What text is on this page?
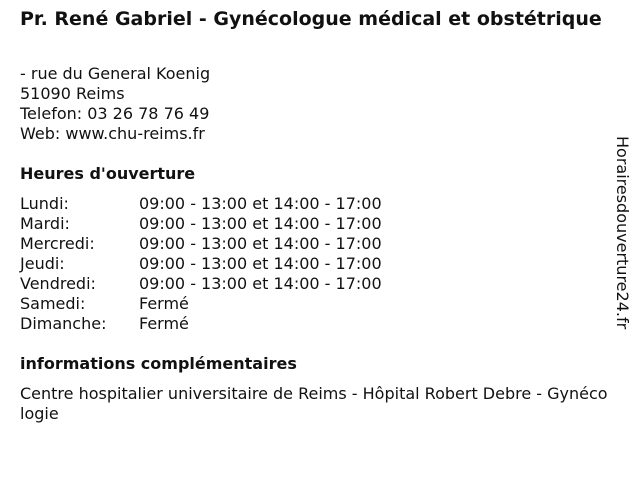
Pr. René Gabriel - Gynécologue médical et obstétrique
- rue du General Koenig
51090 Reims
Telefon: 03 26 78 76 49
Web: www.chu-reims.fr
Heures d'ouverture
Lundi:	09:00 - 13:00 et 14:00 - 17:00
Mardi:	09:00 - 13:00 et 14:00 - 17:00
Mercredi:	09:00 - 13:00 et 14:00 - 17:00
Jeudi:	09:00 - 13:00 et 14:00 - 17:00
Vendredi:	09:00 - 13:00 et 14:00 - 17:00
Samedi:	Fermé
Dimanche:	Fermé
informations complémentaires
Centre hospitalier universitaire de Reims - Hôpital Robert Debre - Gynécologie
Horairesdouverture24.fr
